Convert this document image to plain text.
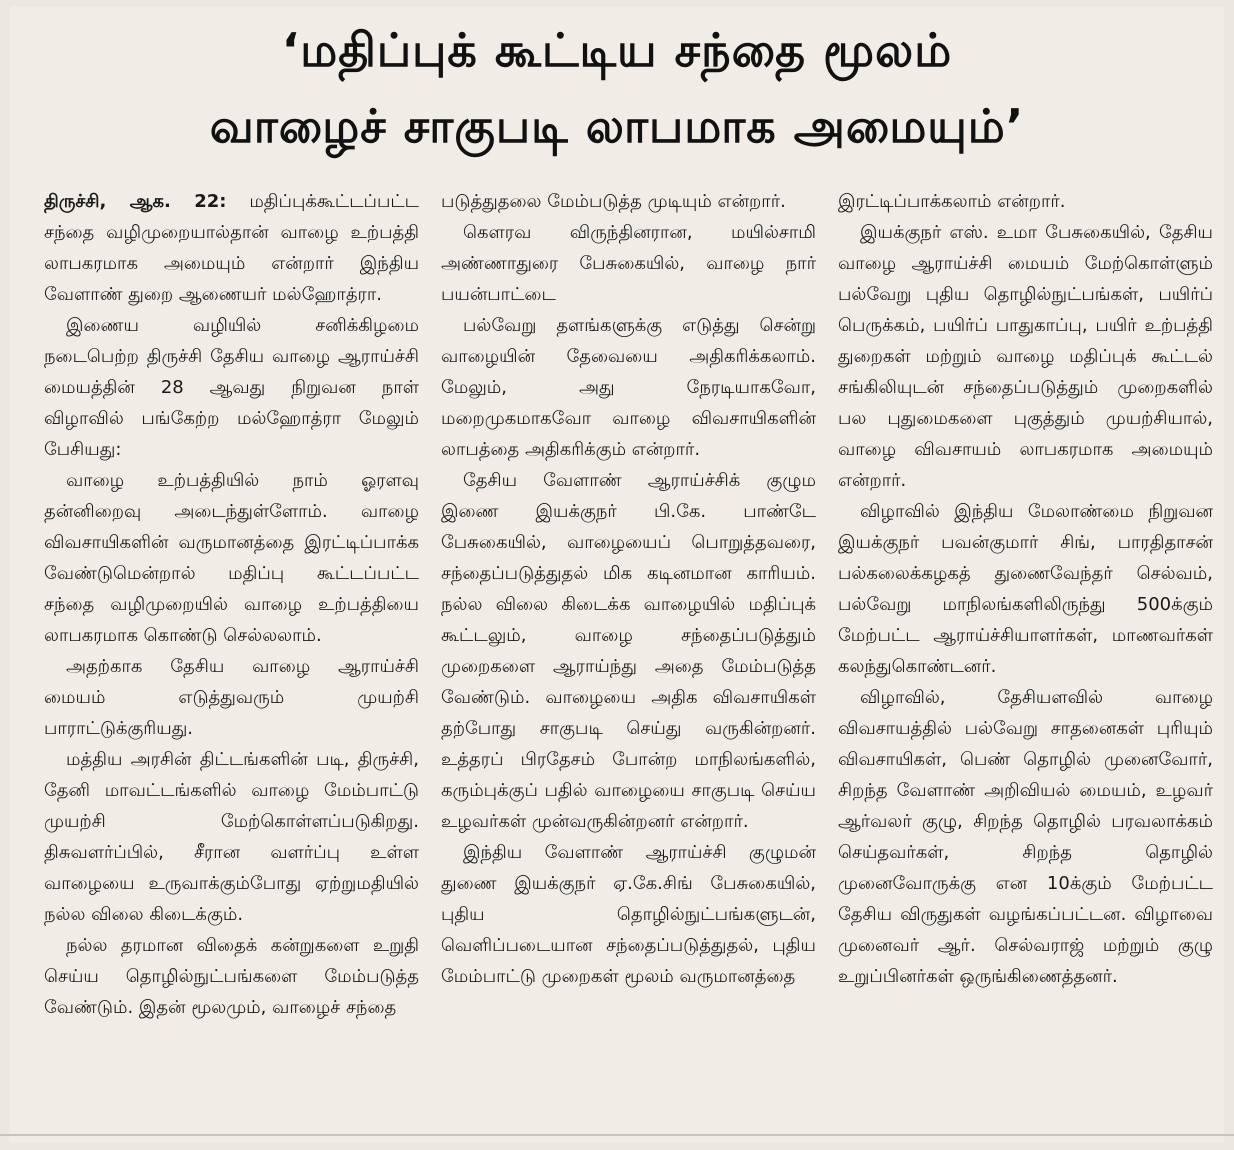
‘மதிப்புக் கூட்டிய சந்தை மூலம்
வாழைச் சாகுபடி லாபமாக அமையும்’

திருச்சி, ஆக. 22: மதிப்புக்கூட்டப்பட்ட சந்தை வழிமுறையால்தான் வாழை உற்பத்தி லாபகரமாக அமையும் என்றார் இந்திய வேளாண் துறை ஆணையர் மல்ஹோத்ரா.

இணைய வழியில் சனிக்கிழமை நடைபெற்ற திருச்சி தேசிய வாழை ஆராய்ச்சி மையத்தின் 28 ஆவது நிறுவன நாள் விழாவில் பங்கேற்ற மல்ஹோத்ரா மேலும் பேசியது:

வாழை உற்பத்தியில் நாம் ஓரளவு தன்னிறைவு அடைந்துள்ளோம். வாழை விவசாயிகளின் வருமானத்தை இரட்டிப்பாக்க வேண்டுமென்றால் மதிப்பு கூட்டப்பட்ட சந்தை வழிமுறையில் வாழை உற்பத்தியை லாபகரமாக கொண்டு செல்லலாம்.

அதற்காக தேசிய வாழை ஆராய்ச்சி மையம் எடுத்துவரும் முயற்சி பாராட்டுக்குரியது.

மத்திய அரசின் திட்டங்களின் படி, திருச்சி, தேனி மாவட்டங்களில் வாழை மேம்பாட்டு முயற்சி மேற்கொள்ளப்படுகிறது. திசுவளர்ப்பில், சீரான வளர்ப்பு உள்ள வாழையை உருவாக்கும்போது ஏற்றுமதியில் நல்ல விலை கிடைக்கும்.

நல்ல தரமான விதைக் கன்றுகளை உறுதி செய்ய தொழில்நுட்பங்களை மேம்படுத்த வேண்டும். இதன் மூலமும், வாழைச் சந்தை

படுத்துதலை மேம்படுத்த முடியும் என்றார்.

கௌரவ விருந்தினரான, மயில்சாமி அண்ணாதுரை பேசுகையில், வாழை நார் பயன்பாட்டை

பல்வேறு தளங்களுக்கு எடுத்து சென்று வாழையின் தேவையை அதிகரிக்கலாம். மேலும், அது நேரடியாகவோ, மறைமுகமாகவோ வாழை விவசாயிகளின் லாபத்தை அதிகரிக்கும் என்றார்.

தேசிய வேளாண் ஆராய்ச்சிக் குழும இணை இயக்குநர் பி.கே. பாண்டே பேசுகையில், வாழையைப் பொறுத்தவரை, சந்தைப்படுத்துதல் மிக கடினமான காரியம். நல்ல விலை கிடைக்க வாழையில் மதிப்புக் கூட்டலும், வாழை சந்தைப்படுத்தும் முறைகளை ஆராய்ந்து அதை மேம்படுத்த வேண்டும். வாழையை அதிக விவசாயிகள் தற்போது சாகுபடி செய்து வருகின்றனர். உத்தரப் பிரதேசம் போன்ற மாநிலங்களில், கரும்புக்குப் பதில் வாழையை சாகுபடி செய்ய உழவர்கள் முன்வருகின்றனர் என்றார்.

இந்திய வேளாண் ஆராய்ச்சி குழுமன் துணை இயக்குநர் ஏ.கே.சிங் பேசுகையில், புதிய தொழில்நுட்பங்களுடன், வெளிப்படையான சந்தைப்படுத்துதல், புதிய மேம்பாட்டு முறைகள் மூலம் வருமானத்தை

இரட்டிப்பாக்கலாம் என்றார்.

இயக்குநர் எஸ். உமா பேசுகையில், தேசிய வாழை ஆராய்ச்சி மையம் மேற்கொள்ளும் பல்வேறு புதிய தொழில்நுட்பங்கள், பயிர்ப் பெருக்கம், பயிர்ப் பாதுகாப்பு, பயிர் உற்பத்தி துறைகள் மற்றும் வாழை மதிப்புக் கூட்டல் சங்கிலியுடன் சந்தைப்படுத்தும் முறைகளில் பல புதுமைகளை புகுத்தும் முயற்சியால், வாழை விவசாயம் லாபகரமாக அமையும் என்றார்.

விழாவில் இந்திய மேலாண்மை நிறுவன இயக்குநர் பவன்குமார் சிங், பாரதிதாசன் பல்கலைக்கழகத் துணைவேந்தர் செல்வம், பல்வேறு மாநிலங்களிலிருந்து 500க்கும் மேற்பட்ட ஆராய்ச்சியாளர்கள், மாணவர்கள் கலந்துகொண்டனர்.

விழாவில், தேசியளவில் வாழை விவசாயத்தில் பல்வேறு சாதனைகள் புரியும் விவசாயிகள், பெண் தொழில் முனைவோர், சிறந்த வேளாண் அறிவியல் மையம், உழவர் ஆர்வலர் குழு, சிறந்த தொழில் பரவலாக்கம் செய்தவர்கள், சிறந்த தொழில் முனைவோருக்கு என 10க்கும் மேற்பட்ட தேசிய விருதுகள் வழங்கப்பட்டன. விழாவை முனைவர் ஆர். செல்வராஜ் மற்றும் குழு உறுப்பினர்கள் ஒருங்கிணைத்தனர்.
